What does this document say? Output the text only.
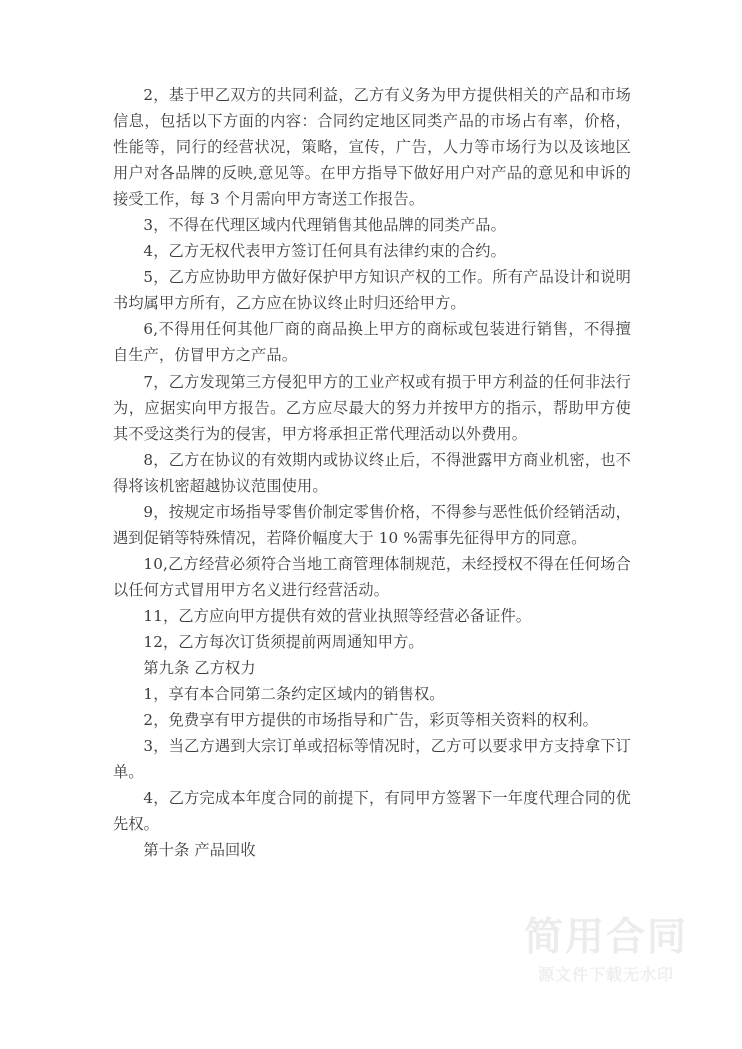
2，基于甲乙双方的共同利益，乙方有义务为甲方提供相关的产品和市场信息，包括以下方面的内容：合同约定地区同类产品的市场占有率，价格，性能等，同行的经营状况，策略，宣传，广告，人力等市场行为以及该地区用户对各品牌的反映,意见等。在甲方指导下做好用户对产品的意见和申诉的接受工作，每 3 个月需向甲方寄送工作报告。

3，不得在代理区域内代理销售其他品牌的同类产品。

4，乙方无权代表甲方签订任何具有法律约束的合约。

5，乙方应协助甲方做好保护甲方知识产权的工作。所有产品设计和说明书均属甲方所有，乙方应在协议终止时归还给甲方。

6,不得用任何其他厂商的商品换上甲方的商标或包装进行销售，不得擅自生产，仿冒甲方之产品。

7，乙方发现第三方侵犯甲方的工业产权或有损于甲方利益的任何非法行为，应据实向甲方报告。乙方应尽最大的努力并按甲方的指示，帮助甲方使其不受这类行为的侵害，甲方将承担正常代理活动以外费用。

8，乙方在协议的有效期内或协议终止后，不得泄露甲方商业机密，也不得将该机密超越协议范围使用。

9，按规定市场指导零售价制定零售价格，不得参与恶性低价经销活动，遇到促销等特殊情况，若降价幅度大于 10 %需事先征得甲方的同意。

10,乙方经营必须符合当地工商管理体制规范，未经授权不得在任何场合以任何方式冒用甲方名义进行经营活动。

11，乙方应向甲方提供有效的营业执照等经营必备证件。

12，乙方每次订货须提前两周通知甲方。

第九条 乙方权力

1，享有本合同第二条约定区域内的销售权。

2，免费享有甲方提供的市场指导和广告，彩页等相关资料的权利。

3，当乙方遇到大宗订单或招标等情况时，乙方可以要求甲方支持拿下订单。

4，乙方完成本年度合同的前提下，有同甲方签署下一年度代理合同的优先权。

第十条 产品回收

简用合同
源文件下载无水印
